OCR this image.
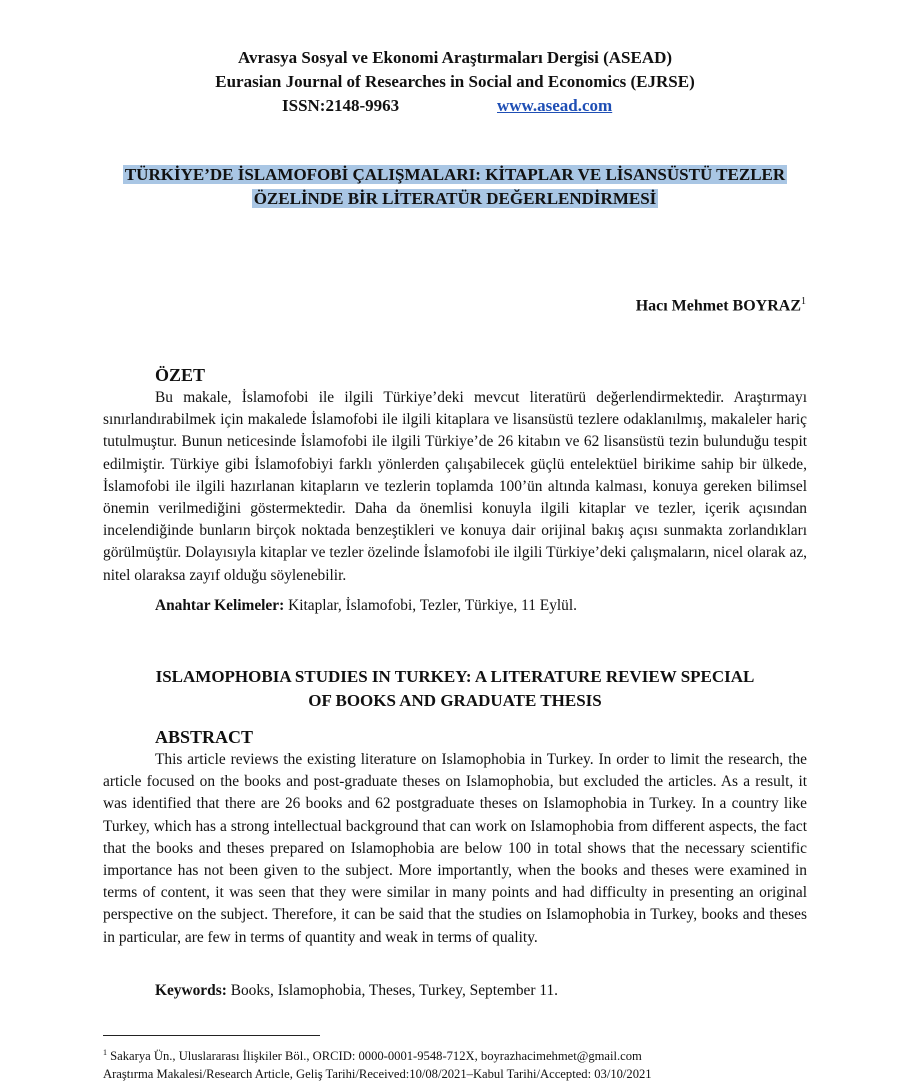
Avrasya Sosyal ve Ekonomi Araştırmaları Dergisi (ASEAD)
Eurasian Journal of Researches in Social and Economics (EJRSE)
ISSN:2148-9963	www.asead.com
TÜRKİYE’DE İSLAMOFOBİ ÇALIŞMALARI: KİTAPLAR VE LİSANSÜSTÜ TEZLER
ÖZELİNDE BİR LİTERATÜR DEĞERLENDİRMESİ
Hacı Mehmet BOYRAZ$^1$
ÖZET

Bu makale, İslamofobi ile ilgili Türkiye’deki mevcut literatürü değerlendirmektedir. Araştırmayı sınırlandırabilmek için makalede İslamofobi ile ilgili kitaplara ve lisansüstü tezlere odaklanılmış, makaleler hariç tutulmuştur. Bunun neticesinde İslamofobi ile ilgili Türkiye’de 26 kitabın ve 62 lisansüstü tezin bulunduğu tespit edilmiştir. Türkiye gibi İslamofobiyi farklı yönlerden çalışabilecek güçlü entelektüel birikime sahip bir ülkede, İslamofobi ile ilgili hazırlanan kitapların ve tezlerin toplamda 100’ün altında kalması, konuya gereken bilimsel önemin verilmediğini göstermektedir. Daha da önemlisi konuyla ilgili kitaplar ve tezler, içerik açısından incelendiğinde bunların birçok noktada benzeştikleri ve konuya dair orijinal bakış açısı sunmakta zorlandıkları görülmüştür. Dolayısıyla kitaplar ve tezler özelinde İslamofobi ile ilgili Türkiye’deki çalışmaların, nicel olarak az, nitel olaraksa zayıf olduğu söylenebilir.

Anahtar Kelimeler: Kitaplar, İslamofobi, Tezler, Türkiye, 11 Eylül.
ISLAMOPHOBIA STUDIES IN TURKEY: A LITERATURE REVIEW SPECIAL
OF BOOKS AND GRADUATE THESIS
ABSTRACT

This article reviews the existing literature on Islamophobia in Turkey. In order to limit the research, the article focused on the books and post-graduate theses on Islamophobia, but excluded the articles. As a result, it was identified that there are 26 books and 62 postgraduate theses on Islamophobia in Turkey. In a country like Turkey, which has a strong intellectual background that can work on Islamophobia from different aspects, the fact that the books and theses prepared on Islamophobia are below 100 in total shows that the necessary scientific importance has not been given to the subject. More importantly, when the books and theses were examined in terms of content, it was seen that they were similar in many points and had difficulty in presenting an original perspective on the subject. Therefore, it can be said that the studies on Islamophobia in Turkey, books and theses in particular, are few in terms of quantity and weak in terms of quality.

Keywords: Books, Islamophobia, Theses, Turkey, September 11.
$^1$ Sakarya Ün., Uluslararası İlişkiler Böl., ORCID: 0000-0001-9548-712X, boyrazhacimehmet@gmail.com
Araştırma Makalesi/Research Article, Geliş Tarihi/Received:10/08/2021–Kabul Tarihi/Accepted: 03/10/2021
